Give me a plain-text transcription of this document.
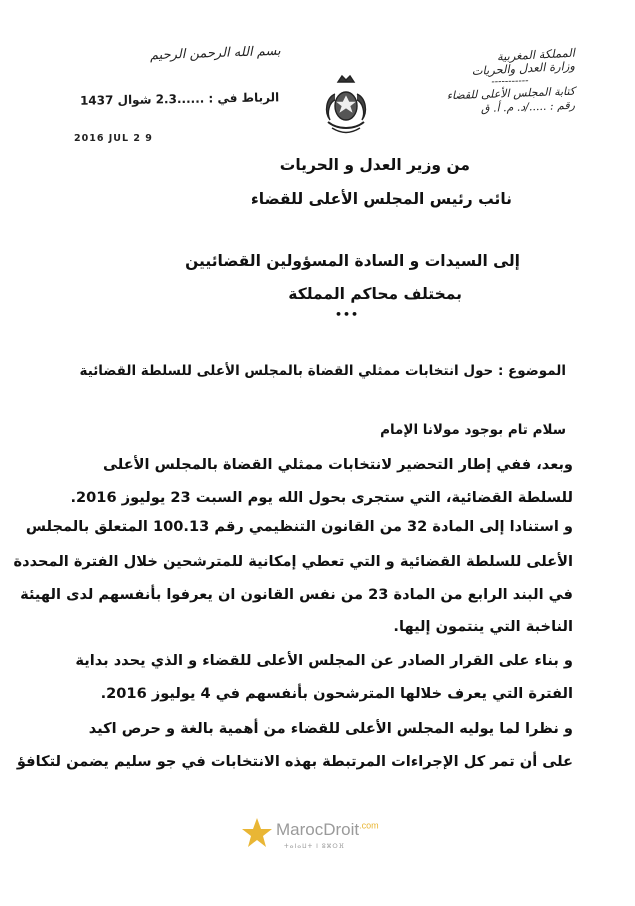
بسم الله الرحمن الرحيم	المملكة المغربية
وزارة العدل والحريات
-----------
كتابة المجلس الأعلى للقضاء
رقم : ...../د. م. أ. ق
الرباط في : ......2.3 شوال 1437
2016 JUL 2 9
من وزير العدل و الحريات
نائب رئيس المجلس الأعلى للقضاء
إلى السيدات و السادة المسؤولين القضائيين
بمختلف محاكم المملكة
•••
الموضوع : حول انتخابات ممثلي القضاة بالمجلس الأعلى للسلطة القضائية
سلام تام بوجود مولانا الإمام
وبعد، ففي إطار التحضير لانتخابات ممثلي القضاة بالمجلس الأعلى
للسلطة القضائية، التي ستجرى بحول الله يوم السبت 23 يوليوز 2016.
و استنادا إلى المادة 32 من القانون التنظيمي رقم 100.13 المتعلق بالمجلس
الأعلى للسلطة القضائية و التي تعطي إمكانية للمترشحين خلال الفترة المحددة
في البند الرابع من المادة 23 من نفس القانون ان يعرفوا بأنفسهم لدى الهيئة
الناخبة التي ينتمون إليها.
و بناء على القرار الصادر عن المجلس الأعلى للقضاء و الذي يحدد بداية
الفترة التي يعرف خلالها المترشحون بأنفسهم في 4 يوليوز 2016.
و نظرا لما يوليه المجلس الأعلى للقضاء من أهمية بالغة و حرص اكيد
على أن تمر كل الإجراءات المرتبطة بهذه الانتخابات في جو سليم يضمن لتكافؤ
MarocDroit$^{.com}$
ⵜⴰⵏⴰⵡⵜ ⵏ ⵓⵣⵔⴼ
